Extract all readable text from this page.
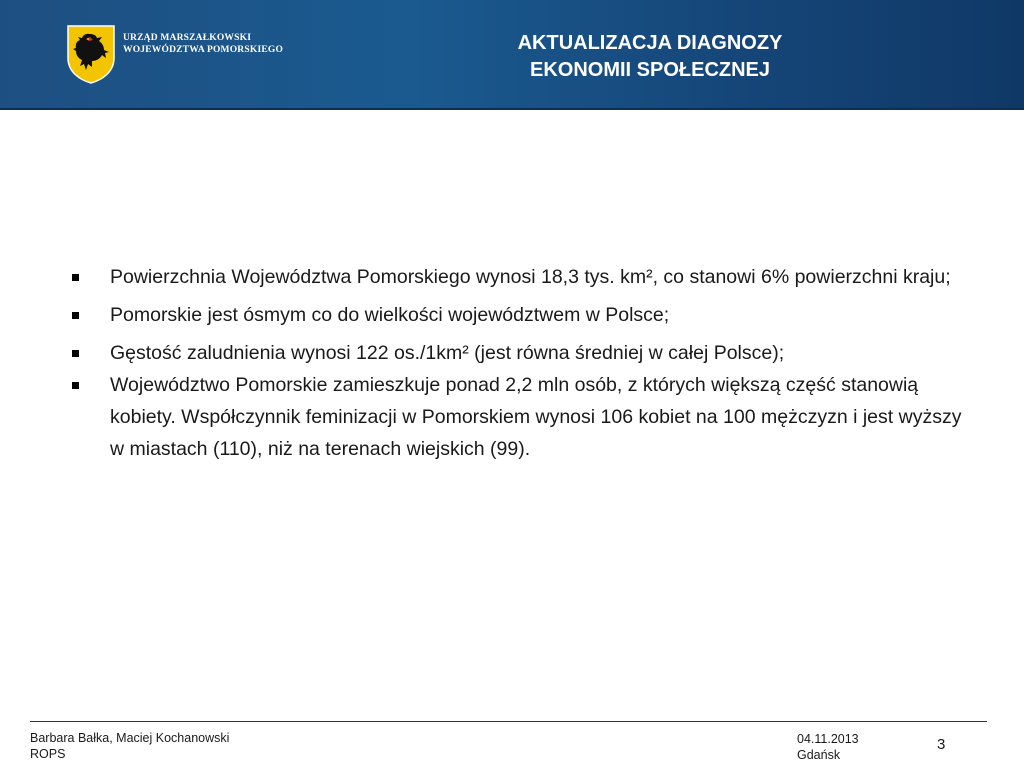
URZĄD MARSZAŁKOWSKI
WOJEWÓDZTWA POMORSKIEGO	AKTUALIZACJA DIAGNOZY
EKONOMII SPOŁECZNEJ
Powierzchnia Województwa Pomorskiego wynosi 18,3 tys. km², co stanowi 6% powierzchni kraju;
Pomorskie jest ósmym co do wielkości województwem w Polsce;
Gęstość zaludnienia wynosi 122 os./1km² (jest równa średniej w całej Polsce);
Województwo Pomorskie zamieszkuje ponad 2,2 mln osób, z których większą część stanowią kobiety. Współczynnik feminizacji w Pomorskiem wynosi 106 kobiet na 100 mężczyzn i jest wyższy w miastach (110), niż na terenach wiejskich (99).
Barbara Bałka, Maciej Kochanowski
ROPS
04.11.2013
Gdańsk
3
